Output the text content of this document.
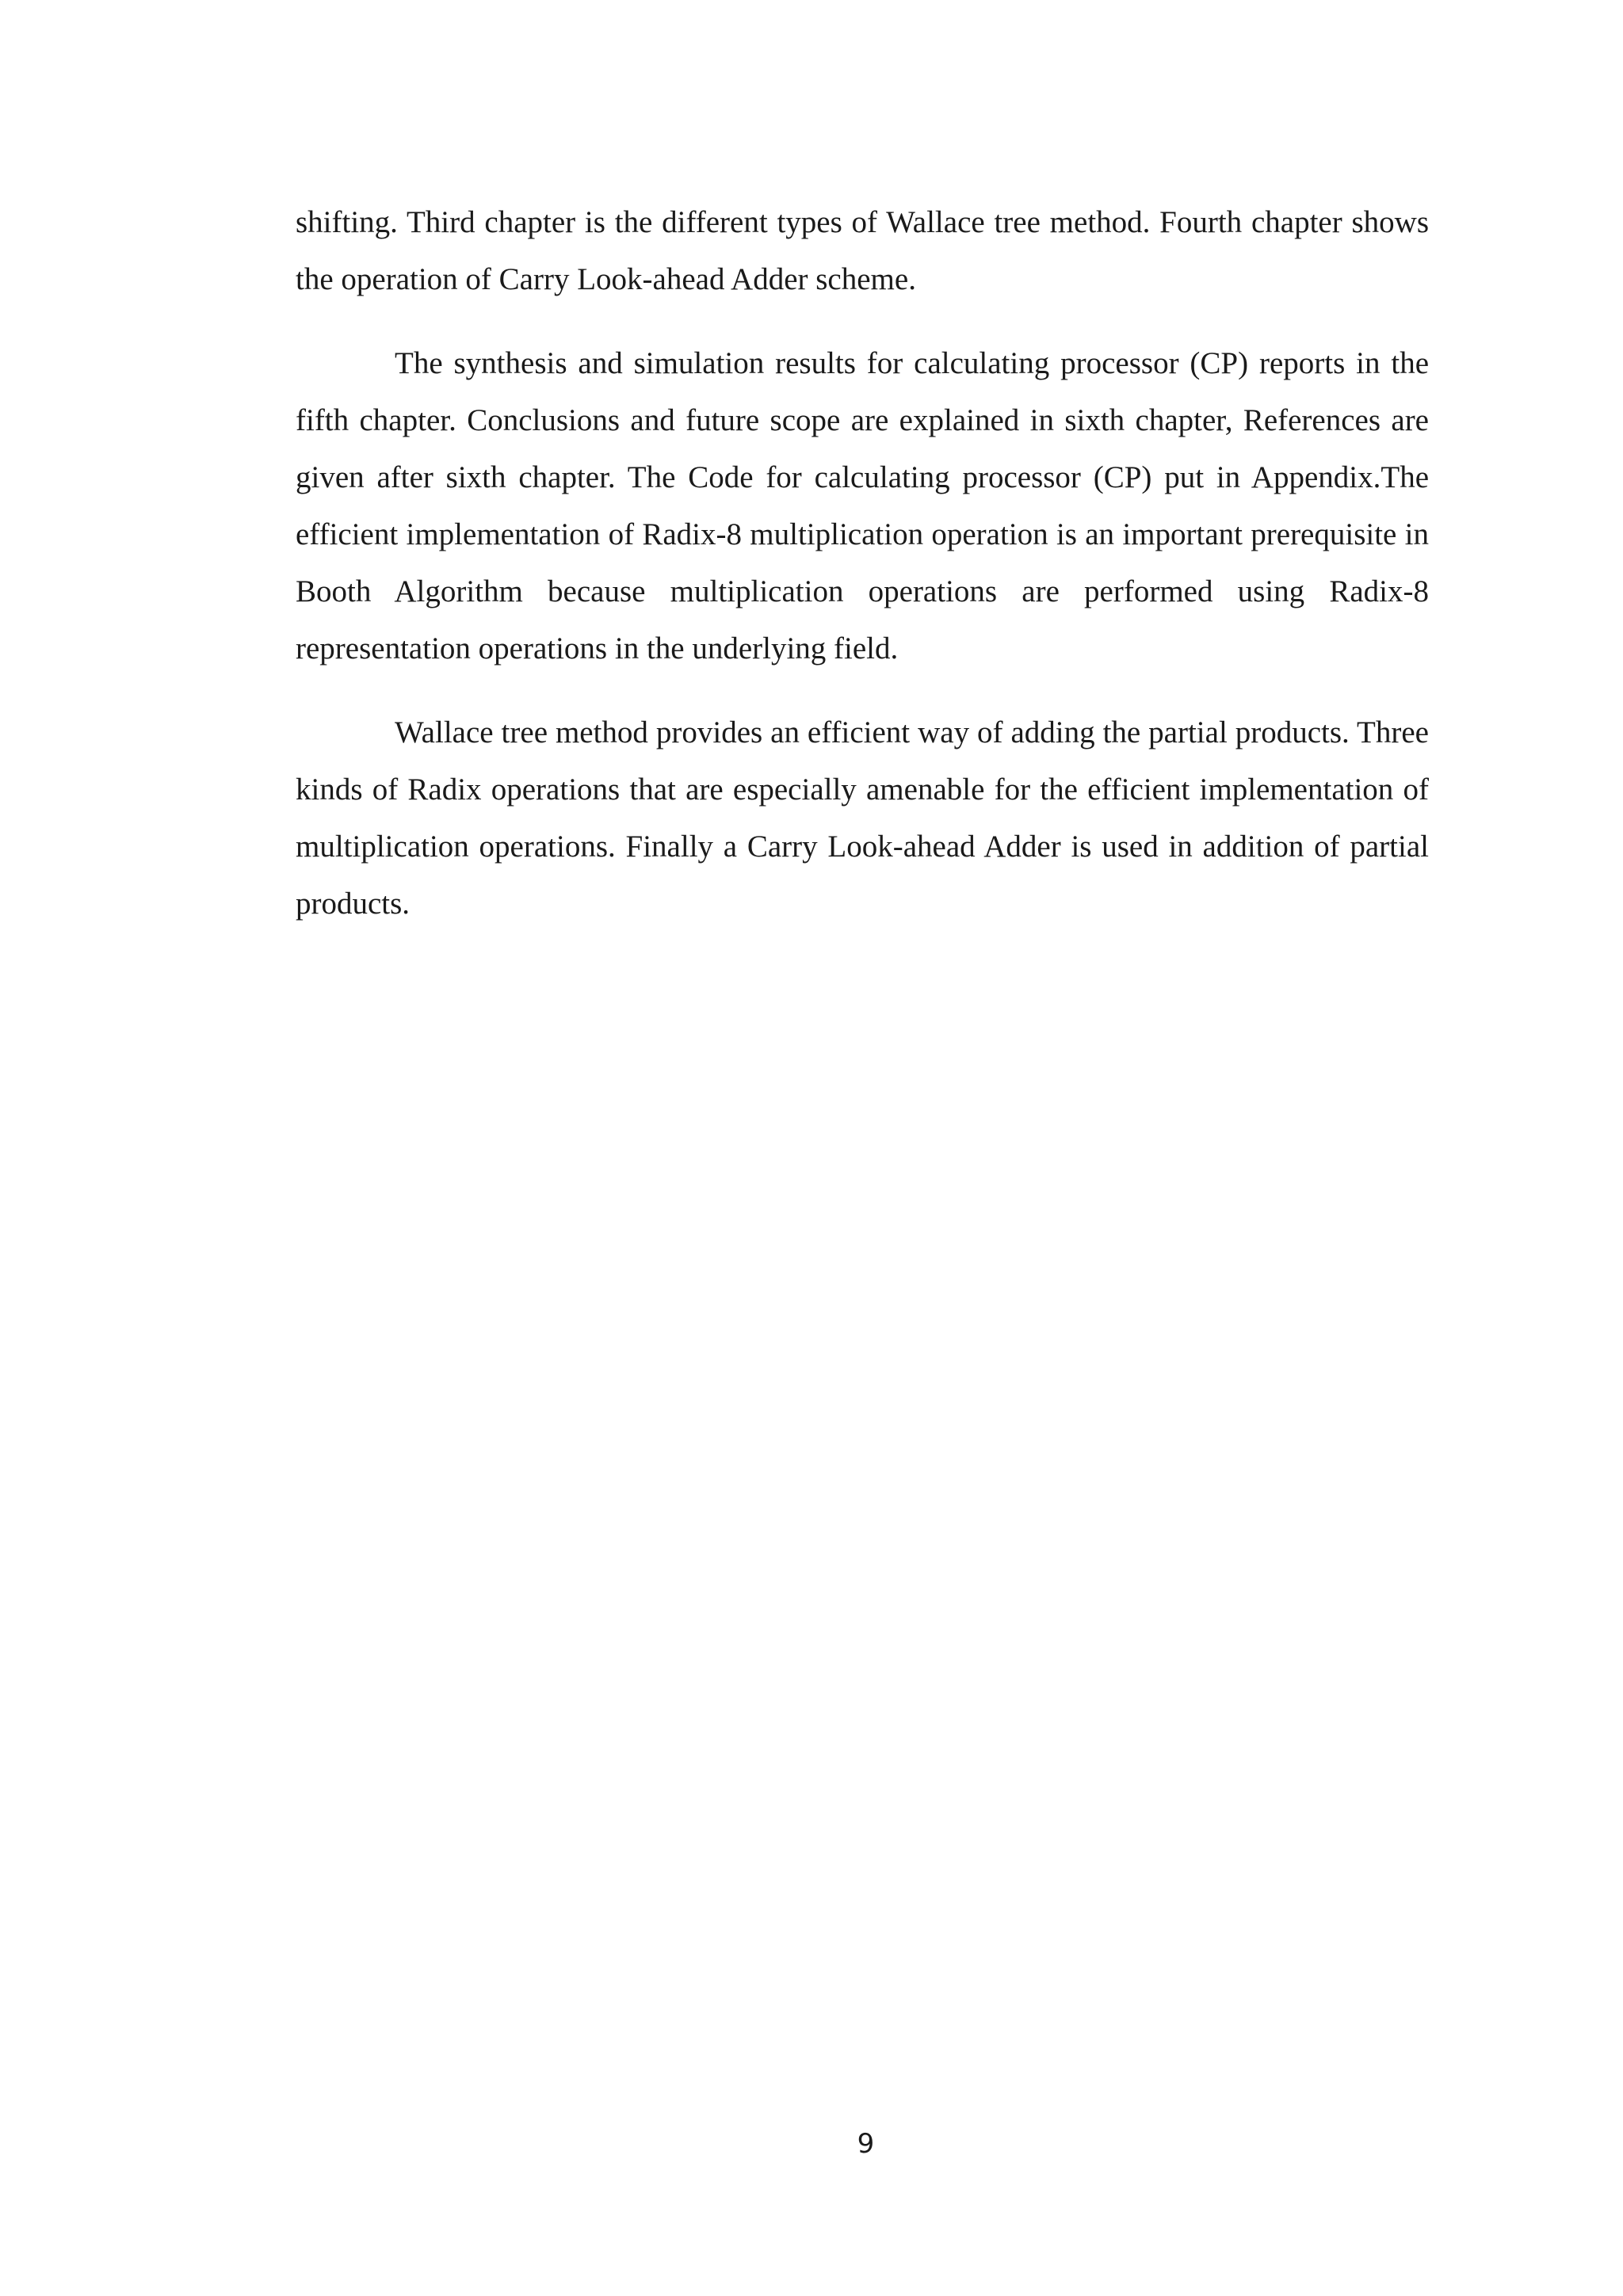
shifting. Third chapter is the different types of Wallace tree method. Fourth chapter shows the operation of Carry Look-ahead Adder scheme.

The synthesis and simulation results for calculating processor (CP) reports in the fifth chapter. Conclusions and future scope are explained in sixth chapter, References are given after sixth chapter. The Code for calculating processor (CP) put in Appendix.The efficient implementation of Radix-8 multiplication operation is an important prerequisite in Booth Algorithm because multiplication operations are performed using Radix-8 representation operations in the underlying field.

Wallace tree method provides an efficient way of adding the partial products. Three kinds of Radix operations that are especially amenable for the efficient implementation of multiplication operations. Finally a Carry Look-ahead Adder is used in addition of partial products.

9
